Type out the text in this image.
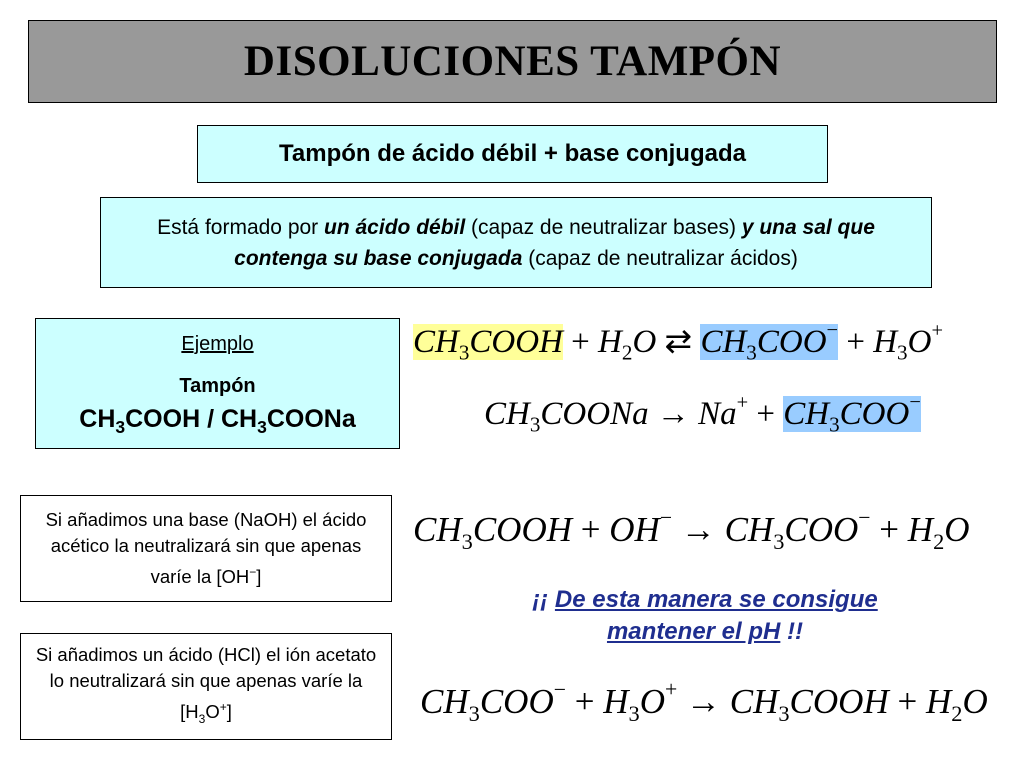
DISOLUCIONES TAMPÓN
Tampón de ácido débil + base conjugada
Está formado por un ácido débil (capaz de neutralizar bases) y una sal que contenga su base conjugada (capaz de neutralizar ácidos)
Ejemplo
Tampón
$CH_3COOH$ / $CH_3COONa$
$CH_3COOH + H_2O$ ⇄ $CH_3COO^- + H_3O^+$
$CH_3COONa \to Na^+ + CH_3COO^-$
Si añadimos una base (NaOH) el ácido acético la neutralizará sin que apenas varíe la [OH−]
$CH_3COOH + OH^- \to CH_3COO^- + H_2O$
¡¡ De esta manera se consigue
mantener el pH !!
Si añadimos un ácido (HCl) el ión acetato lo neutralizará sin que apenas varíe la $[H_3O^+]$	$CH_3COO^- + H_3O^+$ → $CH_3COOH + H_2O$
